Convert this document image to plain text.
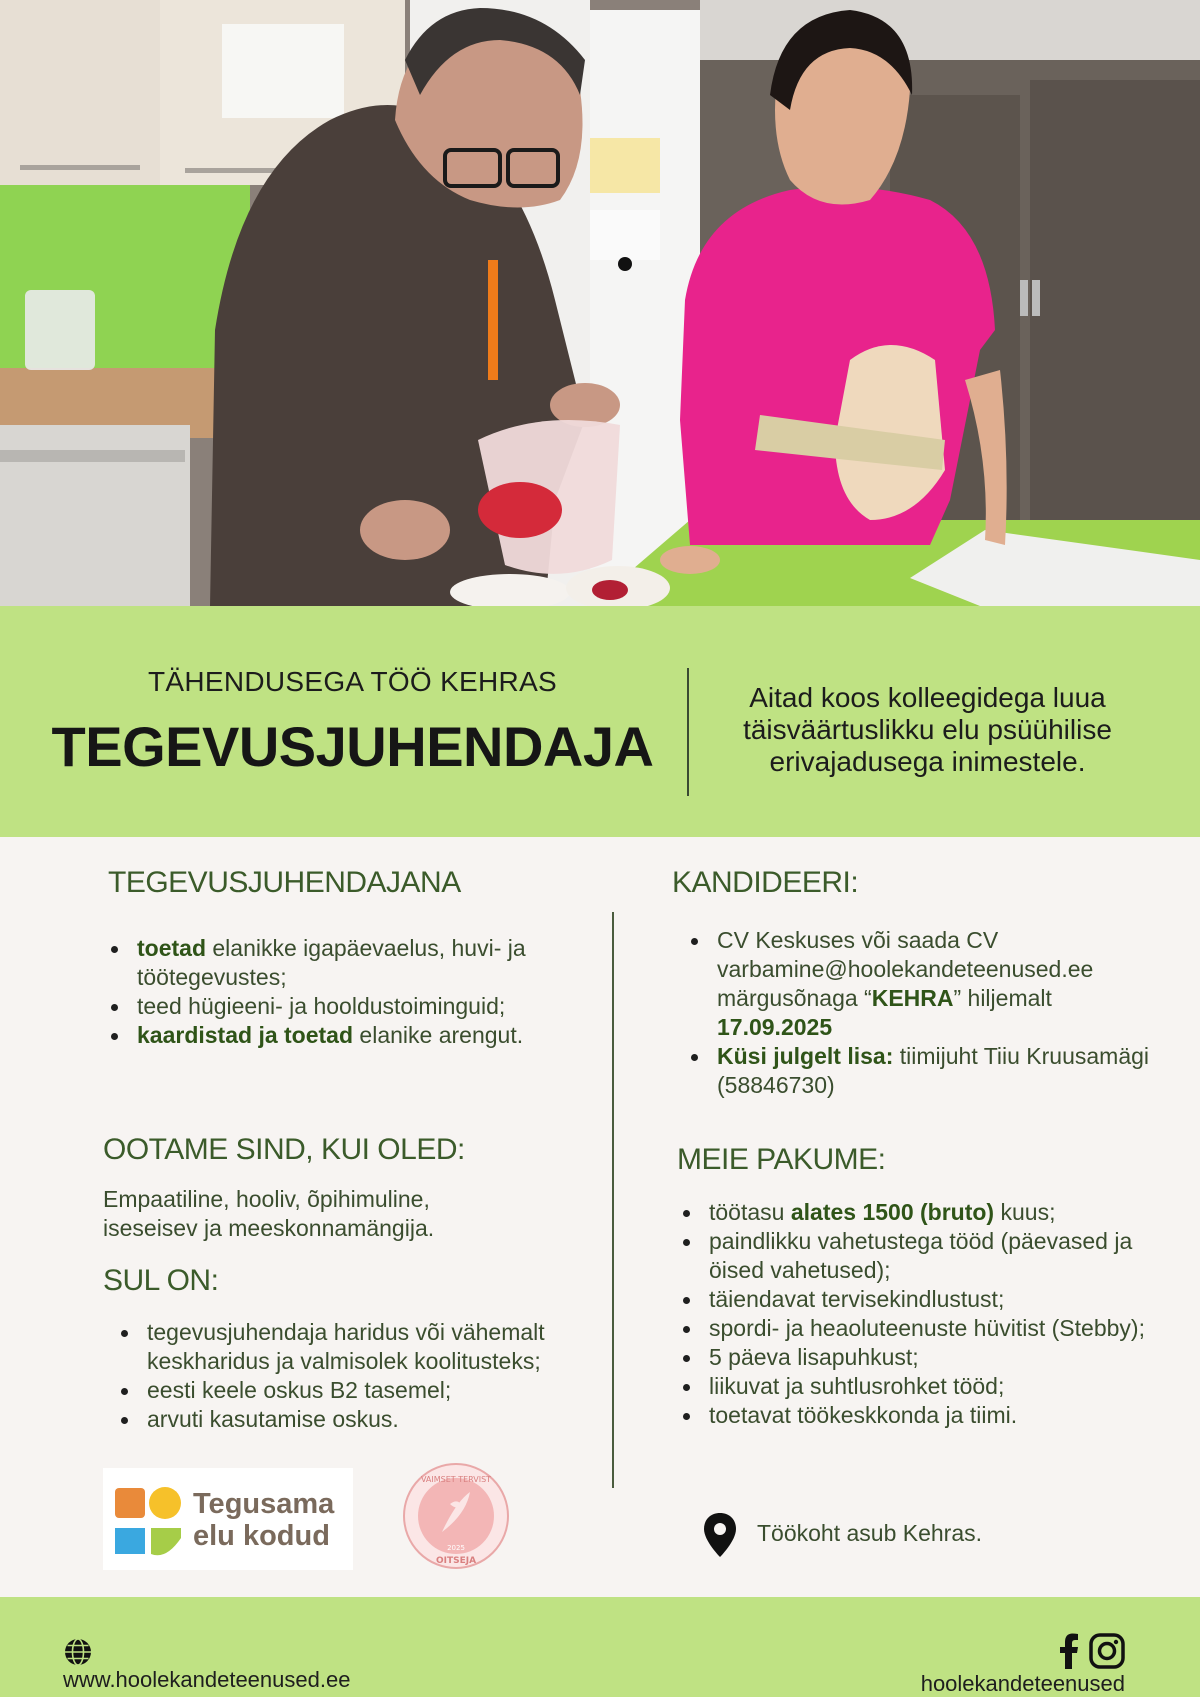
TÄHENDUSEGA TÖÖ KEHRAS
TEGEVUSJUHENDAJA
Aitad koos kolleegidega luua täisväärtuslikku elu psüühilise erivajadusega inimestele.
TEGEVUSJUHENDAJANA
toetad elanikke igapäevaelus, huvi- ja töötegevustes;
teed hügieeni- ja hooldustoiminguid;
kaardistad ja toetad elanike arengut.
OOTAME SIND, KUI OLED:
Empaatiline, hooliv, õpihimuline, iseseisev ja meeskonnamängija.
SUL ON:
tegevusjuhendaja haridus või vähemalt keskharidus ja valmisolek koolitusteks;
eesti keele oskus B2 tasemel;
arvuti kasutamise oskus.
Tegusama
elu kodud
VAIMSET TERVIST
2025
OITSEJA
KANDIDEERI:
CV Keskuses või saada CV
varbamine@hoolekandeteenused.ee
märgusõnaga “KEHRA” hiljemalt
17.09.2025
Küsi julgelt lisa: tiimijuht Tiiu Kruusamägi (58846730)
MEIE PAKUME:
töötasu alates 1500 (bruto) kuus;
paindlikku vahetustega tööd (päevased ja öised vahetused);
täiendavat tervisekindlustust;
spordi- ja heaoluteenuste hüvitist (Stebby);
5 päeva lisapuhkust;
liikuvat ja suhtlusrohket tööd;
toetavat töökeskkonda ja tiimi.
Töökoht asub Kehras.
www.hoolekandeteenused.ee	hoolekandeteenused
